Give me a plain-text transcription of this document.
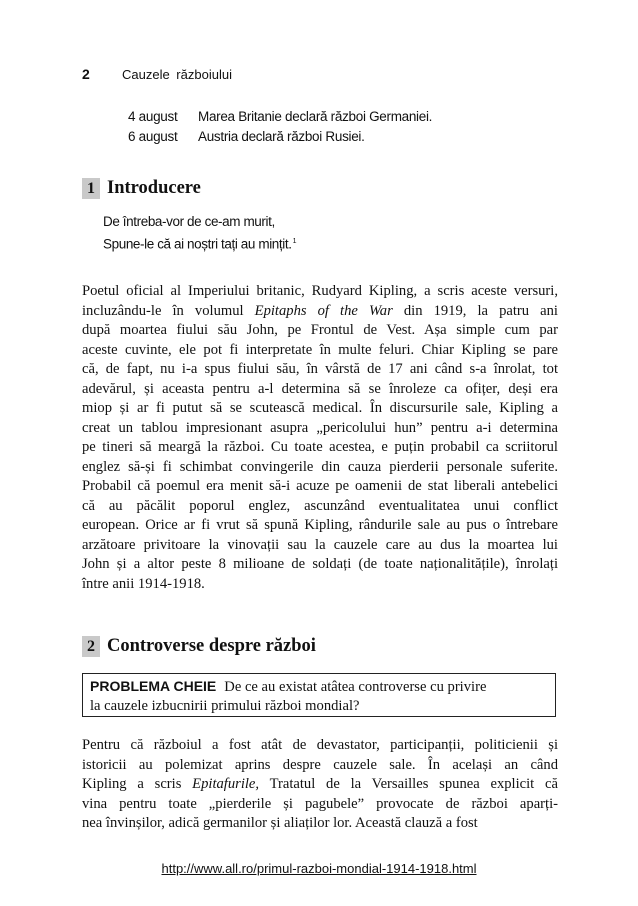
2 Cauzele războiului
4 august	Marea Britanie declară război Germaniei.
6 august	Austria declară război Rusiei.
1 Introducere
De întreba-vor de ce-am murit,
Spune-le că ai noștri tați au mințit.$^1$
Poetul oficial al Imperiului britanic, Rudyard Kipling, a scris aceste versuri,
incluzându-le în volumul Epitaphs of the War din 1919, la patru ani
după moartea fiului său John, pe Frontul de Vest. Așa simple cum par
aceste cuvinte, ele pot fi interpretate în multe feluri. Chiar Kipling se pare
că, de fapt, nu i-a spus fiului său, în vârstă de 17 ani când s-a înrolat, tot
adevărul, și aceasta pentru a-l determina să se înroleze ca ofițer, deși era
miop și ar fi putut să se scutească medical. În discursurile sale, Kipling a
creat un tablou impresionant asupra „pericolului hun” pentru a-i determina
pe tineri să meargă la război. Cu toate acestea, e puțin probabil ca scriitorul
englez să-și fi schimbat convingerile din cauza pierderii personale suferite.
Probabil că poemul era menit să-i acuze pe oamenii de stat liberali antebelici
că au păcălit poporul englez, ascunzând eventualitatea unui conflict
european. Orice ar fi vrut să spună Kipling, rândurile sale au pus o întrebare
arzătoare privitoare la vinovații sau la cauzele care au dus la moartea lui
John și a altor peste 8 milioane de soldați (de toate naționalitățile), înrolați
între anii 1914-1918.
2 Controverse despre război
PROBLEMA CHEIE De ce au existat atâtea controverse cu privire
la cauzele izbucnirii primului război mondial?
Pentru că războiul a fost atât de devastator, participanții, politicienii și
istoricii au polemizat aprins despre cauzele sale. În același an când
Kipling a scris Epitafurile, Tratatul de la Versailles spunea explicit că
vina pentru toate „pierderile și pagubele” provocate de război aparți-
nea învinșilor, adică germanilor și aliaților lor. Această clauză a fost
http://www.all.ro/primul-razboi-mondial-1914-1918.html
